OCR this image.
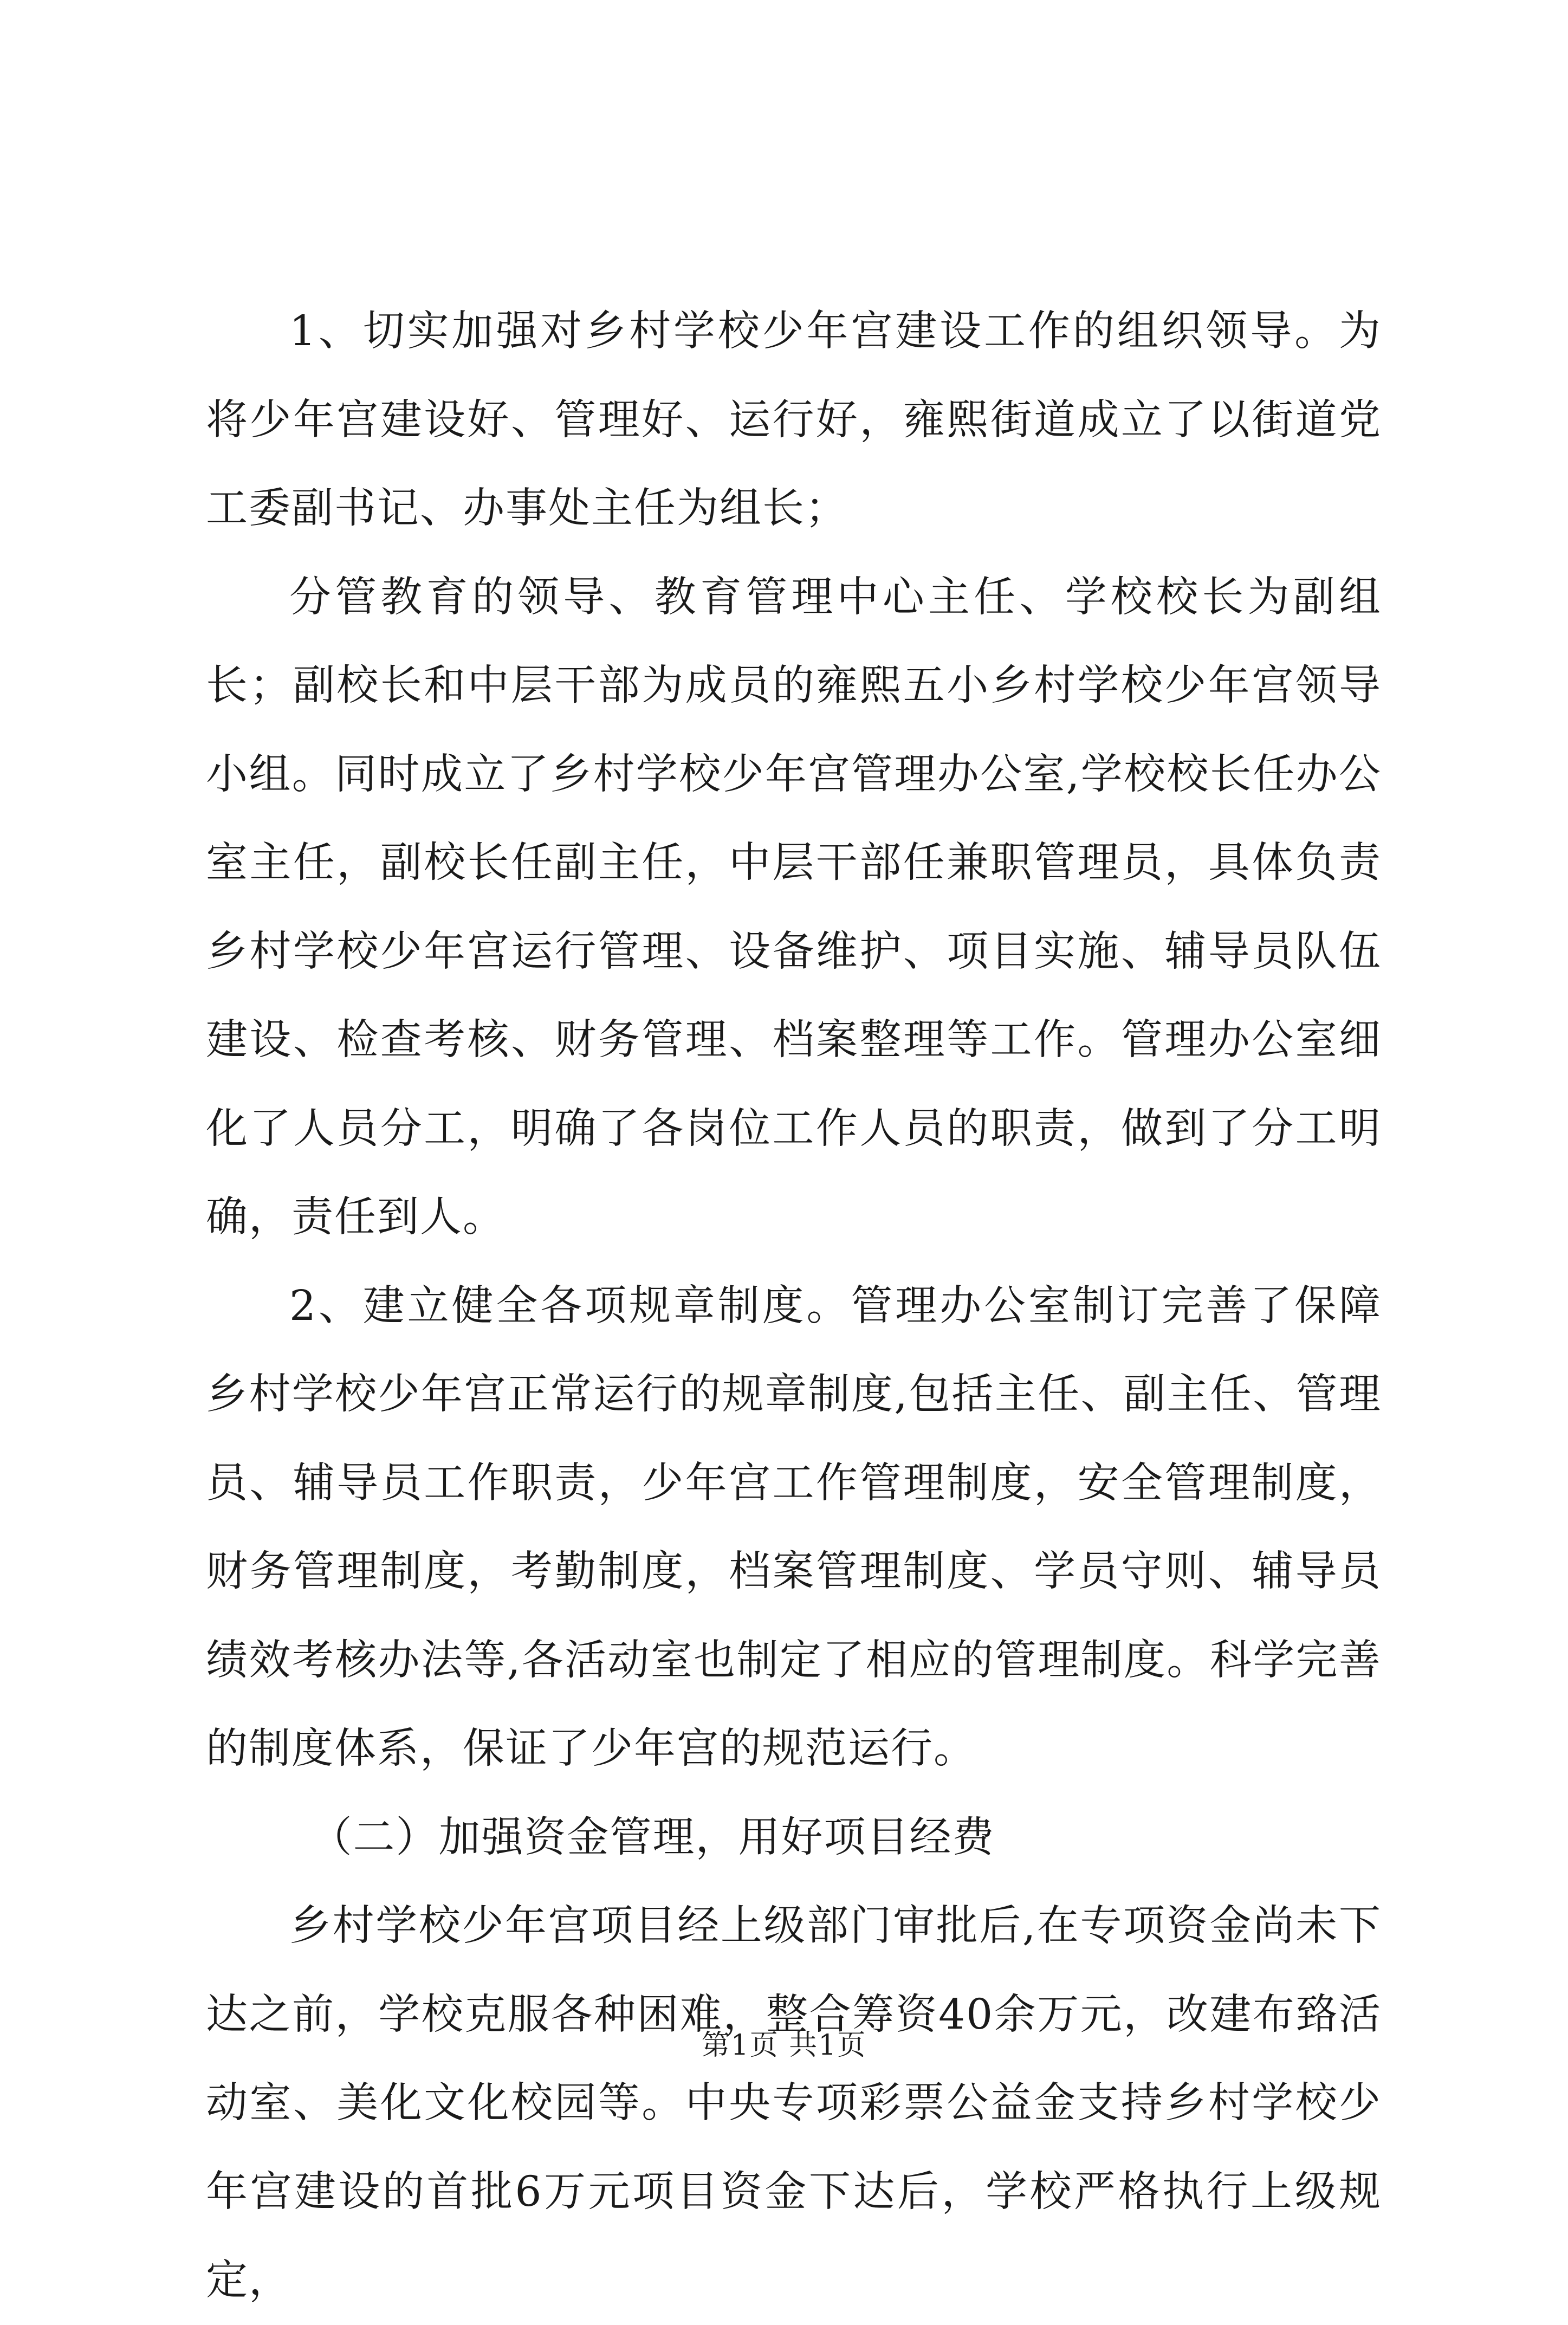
1、切实加强对乡村学校少年宫建设工作的组织领导。为将少年宫建设好、管理好、运行好，雍熙街道成立了以街道党工委副书记、办事处主任为组长；

分管教育的领导、教育管理中心主任、学校校长为副组长；副校长和中层干部为成员的雍熙五小乡村学校少年宫领导小组。同时成立了乡村学校少年宫管理办公室,学校校长任办公室主任，副校长任副主任，中层干部任兼职管理员，具体负责乡村学校少年宫运行管理、设备维护、项目实施、辅导员队伍建设、检查考核、财务管理、档案整理等工作。管理办公室细化了人员分工，明确了各岗位工作人员的职责，做到了分工明确，责任到人。

2、建立健全各项规章制度。管理办公室制订完善了保障乡村学校少年宫正常运行的规章制度,包括主任、副主任、管理员、辅导员工作职责，少年宫工作管理制度，安全管理制度，财务管理制度，考勤制度，档案管理制度、学员守则、辅导员绩效考核办法等,各活动室也制定了相应的管理制度。科学完善的制度体系，保证了少年宫的规范运行。

（二）加强资金管理，用好项目经费

乡村学校少年宫项目经上级部门审批后,在专项资金尚未下达之前，学校克服各种困难，整合筹资40余万元，改建布臵活动室、美化文化校园等。中央专项彩票公益金支持乡村学校少年宫建设的首批6万元项目资金下达后，学校严格执行上级规定，

第1页 共1页
